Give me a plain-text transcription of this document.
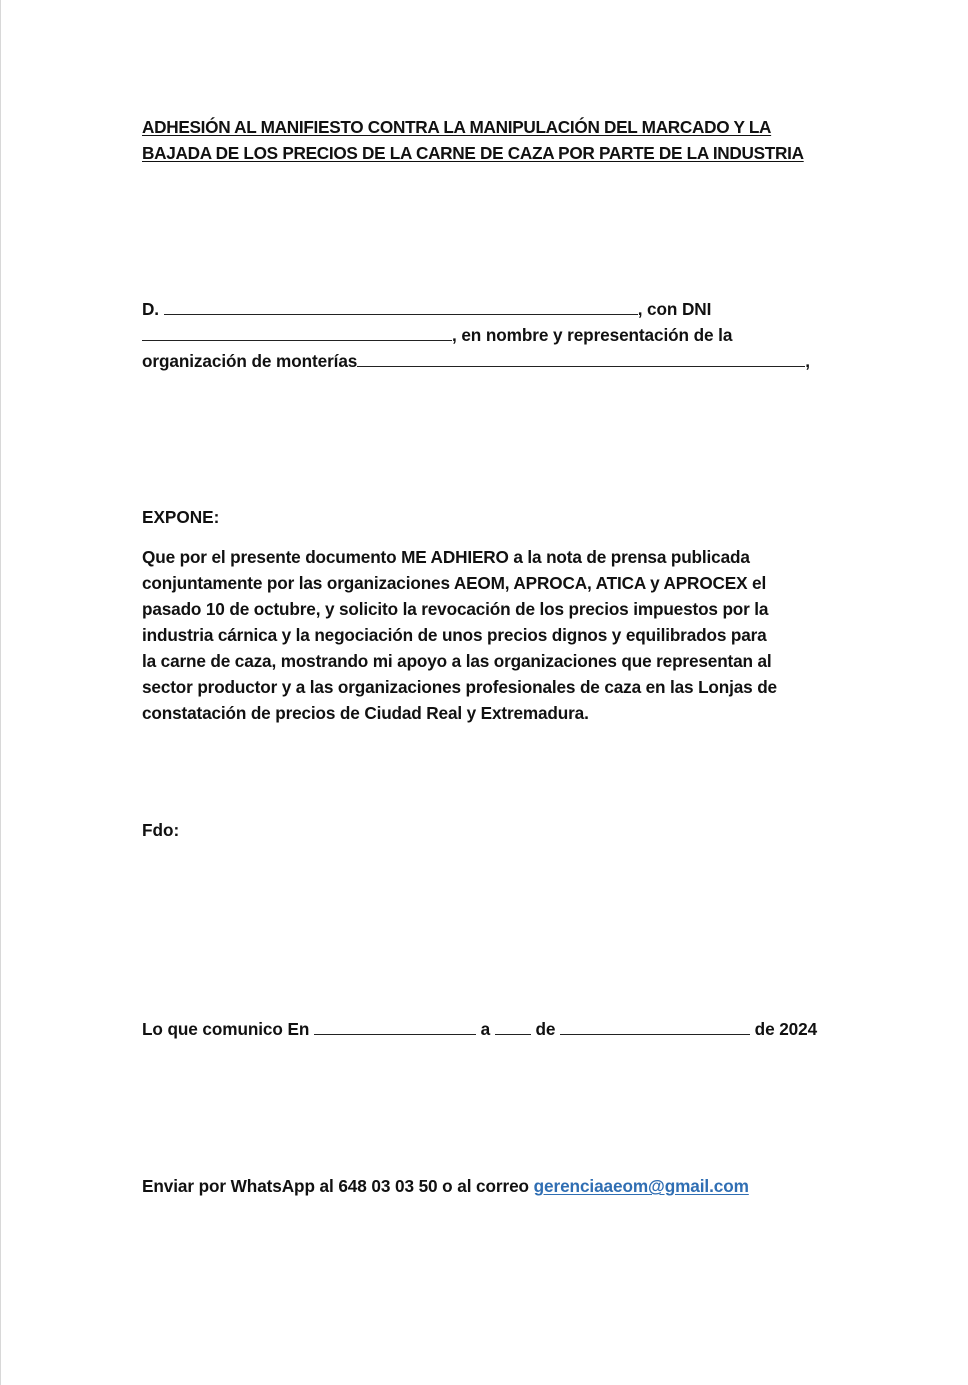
ADHESIÓN AL MANIFIESTO CONTRA LA MANIPULACIÓN DEL MARCADO Y LA
BAJADA DE LOS PRECIOS DE LA CARNE DE CAZA POR PARTE DE LA INDUSTRIA
D.	, con DNI
, en nombre y representación de la
organización de monterías	,

EXPONE:

Que por el presente documento ME ADHIERO a la nota de prensa publicada
conjuntamente por las organizaciones AEOM, APROCA, ATICA y APROCEX el
pasado 10 de octubre, y solicito la revocación de los precios impuestos por la
industria cárnica y la negociación de unos precios dignos y equilibrados para
la carne de caza, mostrando mi apoyo a las organizaciones que representan al
sector productor y a las organizaciones profesionales de caza en las Lonjas de
constatación de precios de Ciudad Real y Extremadura.

Fdo:

Lo que comunico En	a	de	de 2024
Enviar por WhatsApp al 648 03 03 50 o al correo gerenciaaeom@gmail.com
